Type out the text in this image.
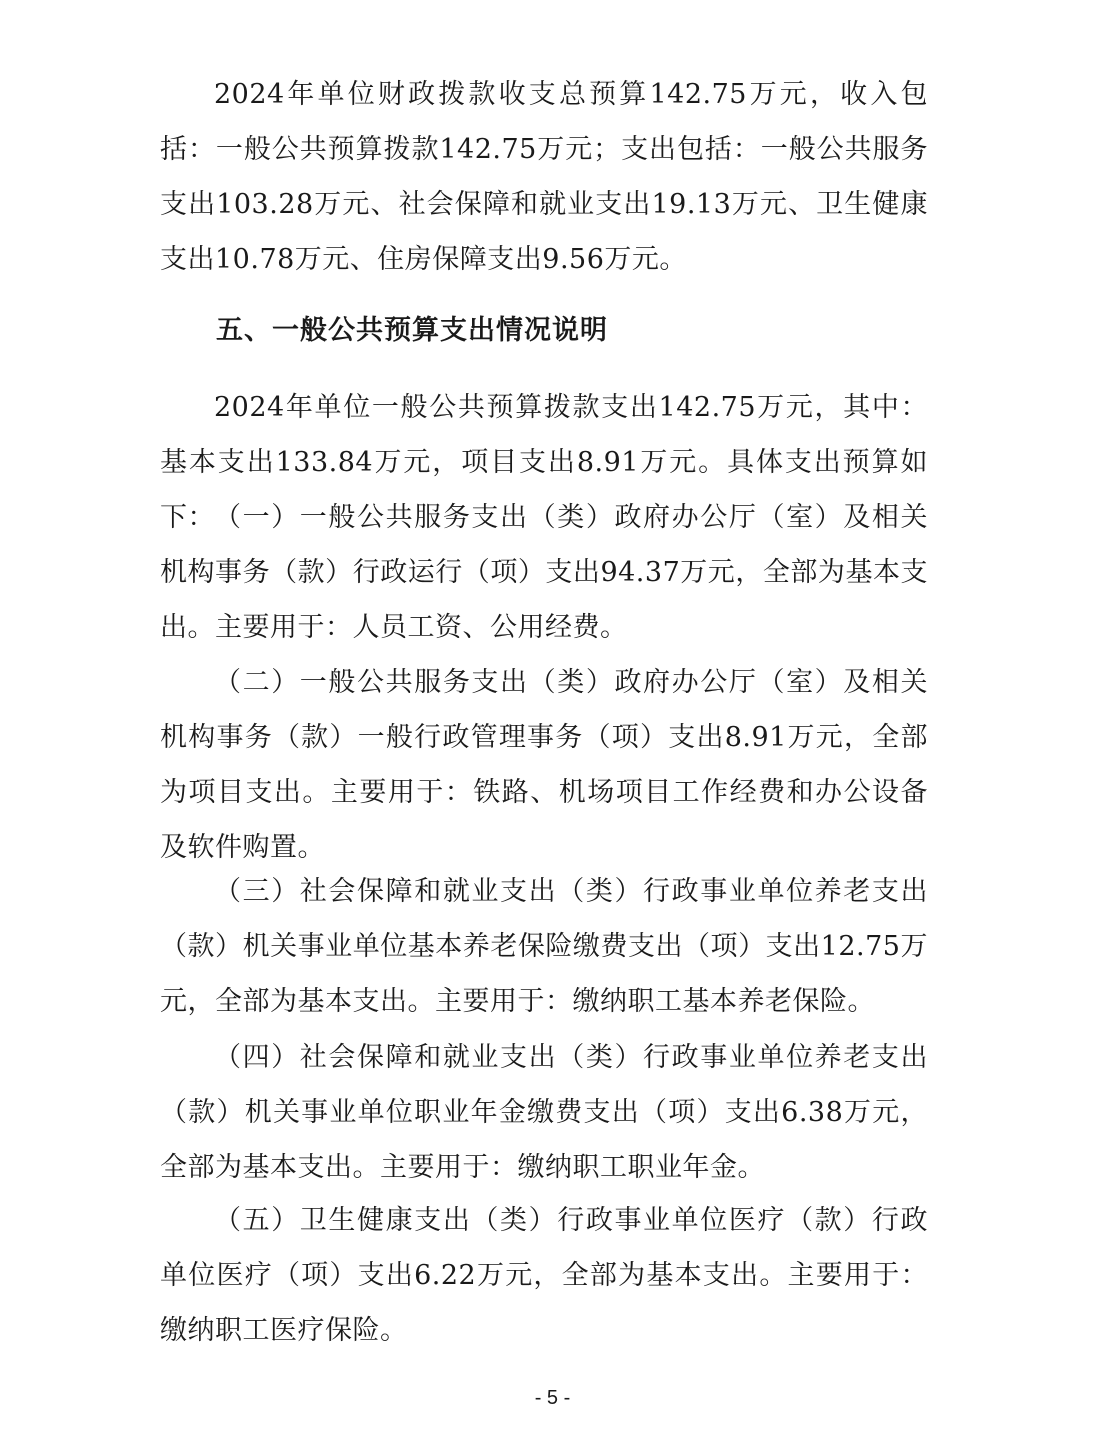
2024年单位财政拨款收支总预算142.75万元，收入包括：一般公共预算拨款142.75万元；支出包括：一般公共服务支出103.28万元、社会保障和就业支出19.13万元、卫生健康支出10.78万元、住房保障支出9.56万元。

五、一般公共预算支出情况说明

2024年单位一般公共预算拨款支出142.75万元，其中：基本支出133.84万元，项目支出8.91万元。具体支出预算如下： （一）一般公共服务支出（类）政府办公厅（室）及相关机构事务（款）行政运行（项）支出94.37万元，全部为基本支出。主要用于：人员工资、公用经费。

（二）一般公共服务支出（类）政府办公厅（室）及相关机构事务（款）一般行政管理事务（项）支出8.91万元，全部为项目支出。主要用于：铁路、机场项目工作经费和办公设备及软件购置。

（三）社会保障和就业支出（类）行政事业单位养老支出（款）机关事业单位基本养老保险缴费支出（项）支出12.75万元，全部为基本支出。主要用于：缴纳职工基本养老保险。

（四）社会保障和就业支出（类）行政事业单位养老支出（款）机关事业单位职业年金缴费支出（项）支出6.38万元，全部为基本支出。主要用于：缴纳职工职业年金。

（五）卫生健康支出（类）行政事业单位医疗（款）行政单位医疗（项）支出6.22万元，全部为基本支出。主要用于：缴纳职工医疗保险。

- 5 -
